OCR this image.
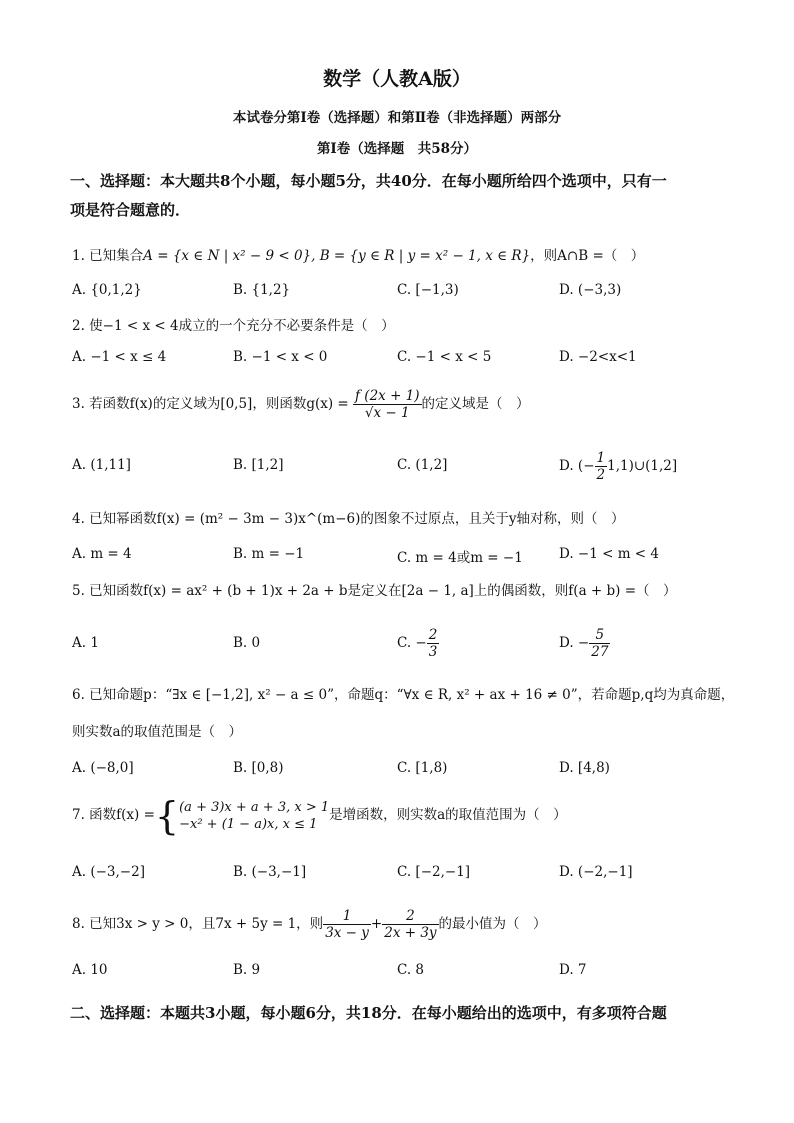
数学（人教A版）
本试卷分第Ⅰ卷（选择题）和第Ⅱ卷（非选择题）两部分
第Ⅰ卷（选择题　共58分）
一、选择题：本大题共8个小题，每小题5分，共40分．在每小题所给四个选项中，只有一
项是符合题意的．
1. 已知集合A = {x ∈ N | x² − 9 < 0}, B = {y ∈ R | y = x² − 1, x ∈ R}，则A∩B =（　）
A. {0,1,2}	B. {1,2}	C. [−1,3)	D. (−3,3)
2. 使−1 < x < 4成立的一个充分不必要条件是（　）
A. −1 < x ≤ 4	B. −1 < x < 0	C. −1 < x < 5	D. −2<x<1
3. 若函数f(x)的定义域为[0,5]，则函数$g(x) = \frac{f (2x + 1)}{√x - 1}$ 的定义域是（　）
A. (1,11]	B. [1,2]	C. (1,2]	D. (− $\frac{1}{2}$ 1,1)∪(1,2]
4. 已知幂函数f(x) = (m² − 3m − 3)x^(m−6)的图象不过原点，且关于y轴对称，则（　）
A. m = 4	B. m = −1	C. m = 4或m = −1	D. −1 < m < 4
5. 已知函数f(x) = ax² + (b + 1)x + 2a + b是定义在[2a − 1, a]上的偶函数，则f(a + b) =（　）
A. 1	B. 0	C. − $\frac{2}{3}$	D. − $\frac{5}{27}$
6. 已知命题p：“∃x ∈ [−1,2], x² − a ≤ 0”，命题q：“∀x ∈ R, x² + ax + 16 ≠ 0”，若命题p,q均为真命题，
则实数a的取值范围是（　）
A. (−8,0]	B. [0,8)	C. [1,8)	D. [4,8)
7. 函数f(x) ={ (a + 3)x + a + 3, x > 1
−x² + (1 − a)x, x ≤ 1
是增函数，则实数a的取值范围为（　）
A. (−3,−2]	B. (−3,−1]	C. [−2,−1]	D. (−2,−1]
8. 已知3x > y > 0，且7x + 5y = 1，则 $\frac{1}{3x - y} + \frac{2}{2x + 3y}$ 的最小值为（　）
A. 10	B. 9	C. 8	D. 7
二、选择题：本题共3小题，每小题6分，共18分．在每小题给出的选项中，有多项符合题
